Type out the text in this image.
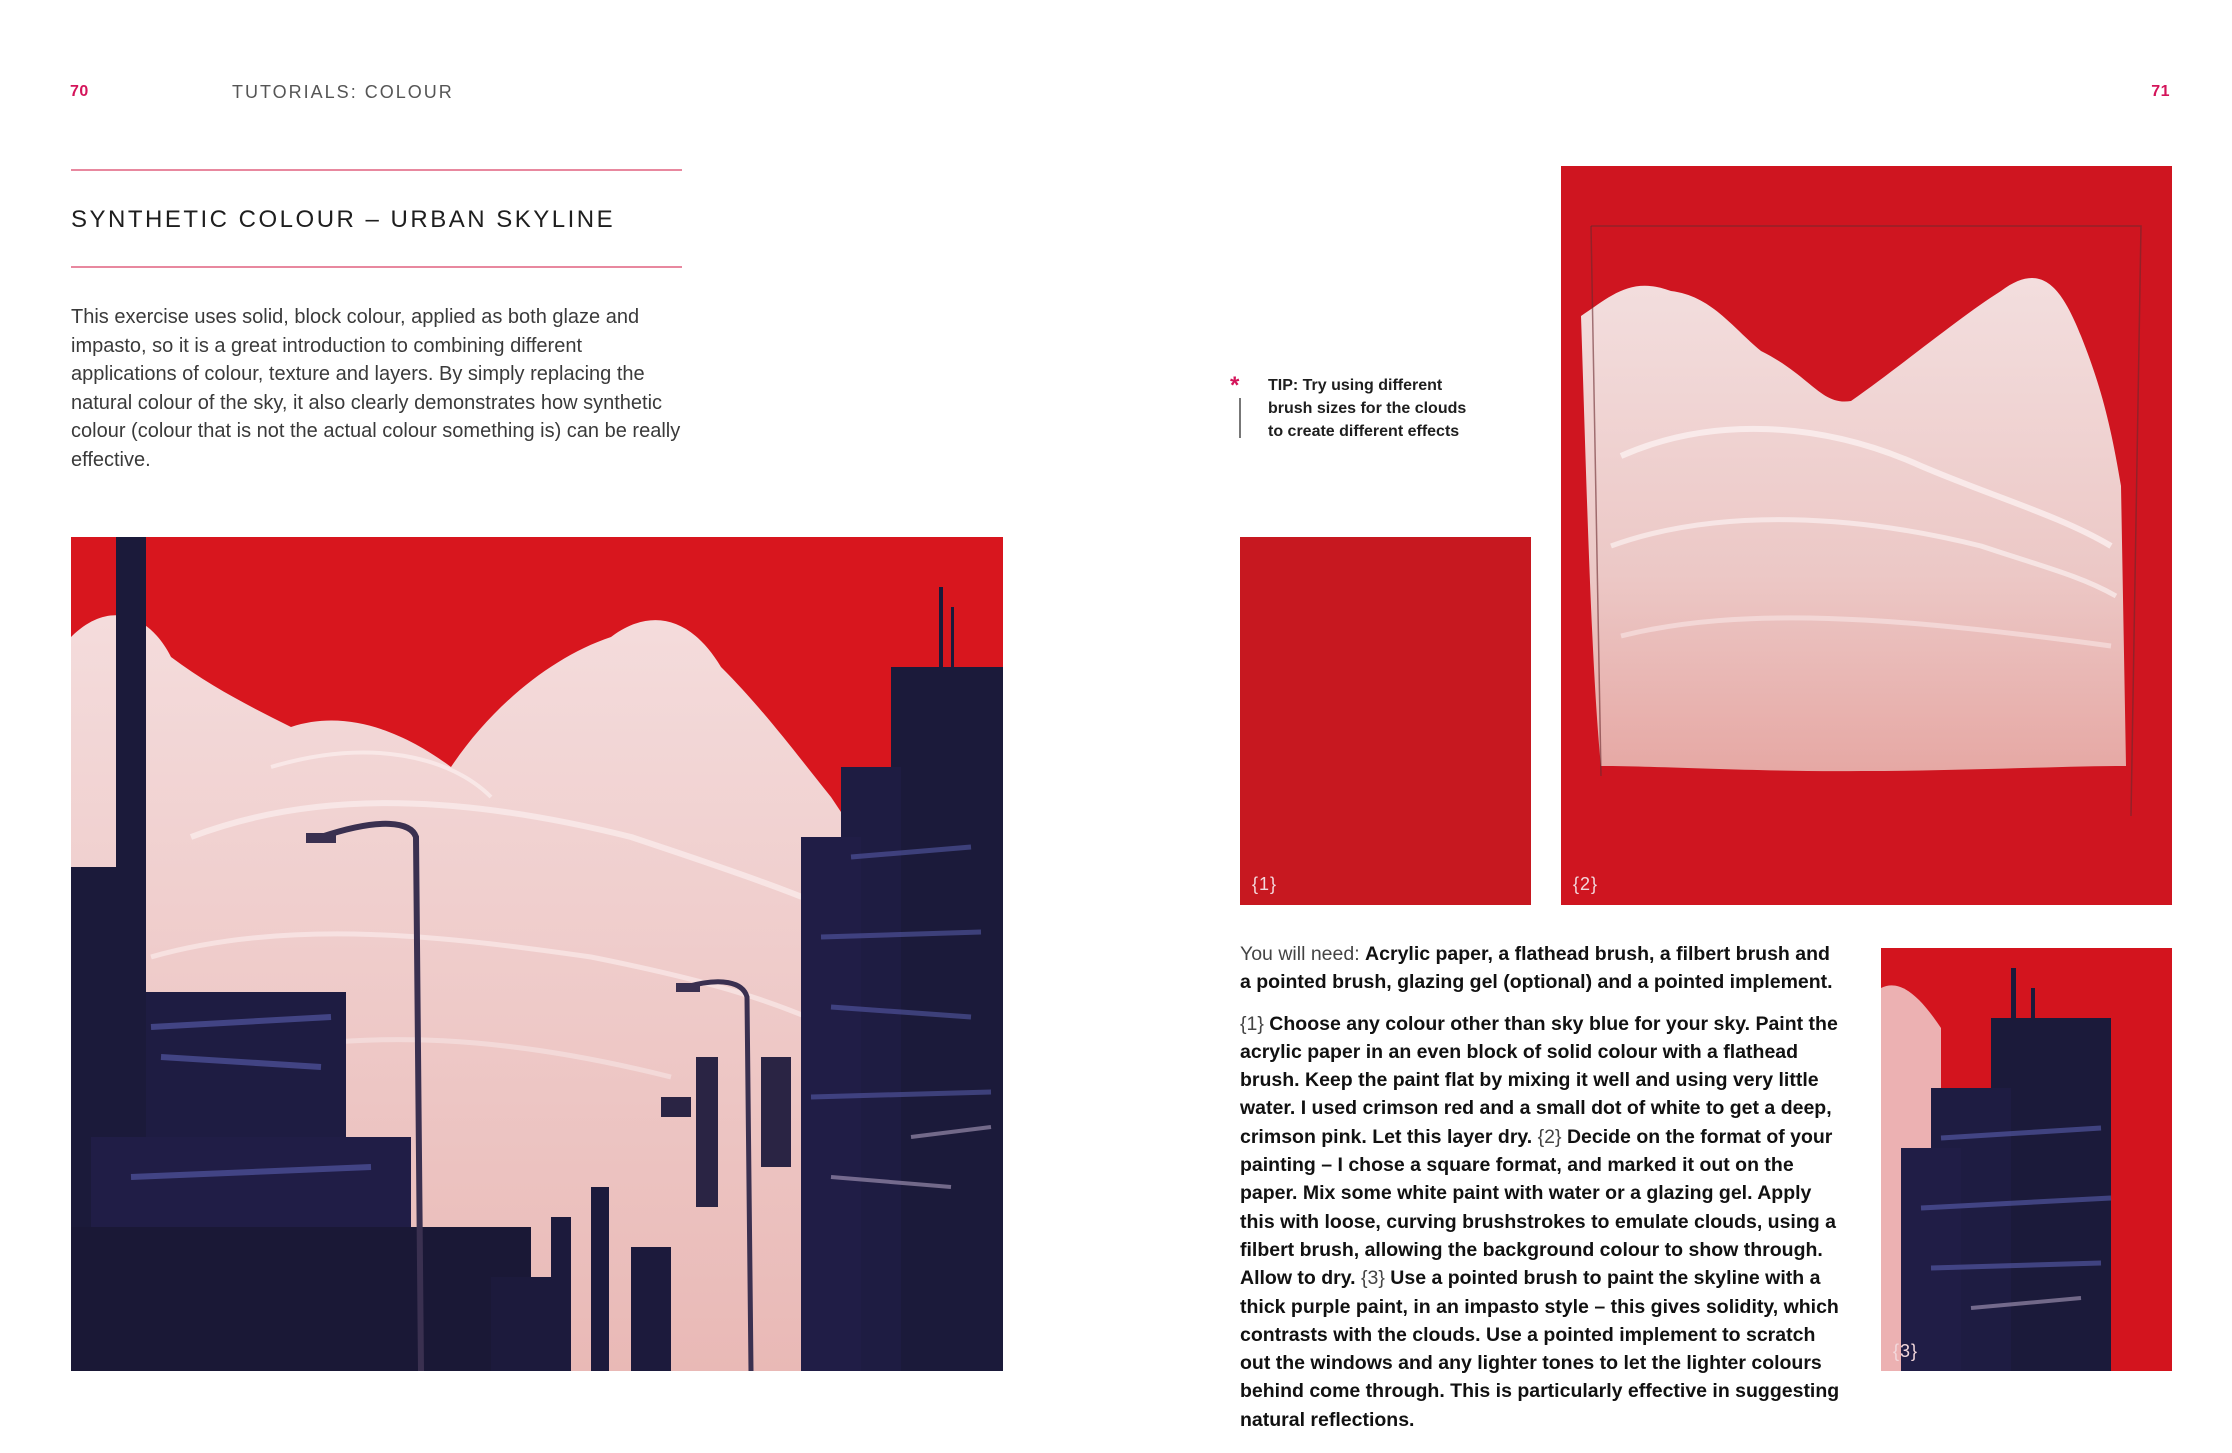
70	TUTORIALS: COLOUR	71
SYNTHETIC COLOUR – URBAN SKYLINE
This exercise uses solid, block colour, applied as both glaze and impasto, so it is a great introduction to combining different applications of colour, texture and layers. By simply replacing the natural colour of the sky, it also clearly demonstrates how synthetic colour (colour that is not the actual colour something is) can be really effective.
* TIP: Try using different brush sizes for the clouds to create different effects
{1}	{2}
{3}

You will need: Acrylic paper, a flathead brush, a filbert brush and a pointed brush, glazing gel (optional) and a pointed implement.

{1} Choose any colour other than sky blue for your sky. Paint the acrylic paper in an even block of solid colour with a flathead brush. Keep the paint flat by mixing it well and using very little water. I used crimson red and a small dot of white to get a deep, crimson pink. Let this layer dry. {2} Decide on the format of your painting – I chose a square format, and marked it out on the paper. Mix some white paint with water or a glazing gel. Apply this with loose, curving brushstrokes to emulate clouds, using a filbert brush, allowing the background colour to show through. Allow to dry. {3} Use a pointed brush to paint the skyline with a thick purple paint, in an impasto style – this gives solidity, which contrasts with the clouds. Use a pointed implement to scratch out the windows and any lighter tones to let the lighter colours behind come through. This is particularly effective in suggesting natural reflections.
